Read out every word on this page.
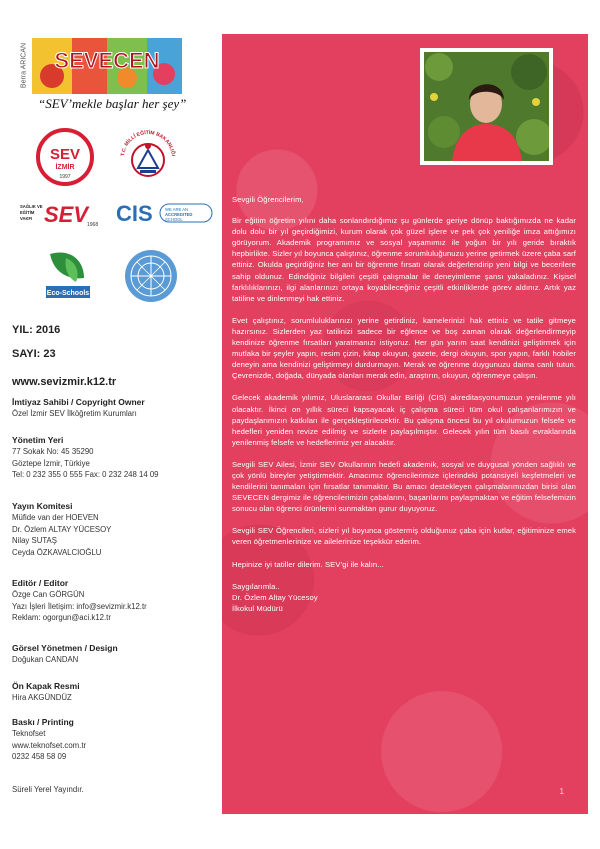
Berra ARICAN SEVECEN
“SEV’mekle başlar her şey”
SEV
İZMİR
1997
T.C. MİLLÎ EĞİTİM BAKANLIĞI
SAĞLIK VE
EĞİTİM
VAKFI SEV
1968 CIS	WE ARE AN
ACCREDITED
SCHOOL
Eco-Schools
YIL: 2016
SAYI: 23
www.sevizmir.k12.tr
İmtiyaz Sahibi / Copyright Owner
Özel İzmir SEV İlköğretim Kurumları
Yönetim Yeri
77 Sokak No: 45 35290
Göztepe İzmir, Türkiye
Tel: 0 232 355 0 555 Fax: 0 232 248 14 09
Yayın Komitesi
Müfide van der HOEVEN
Dr. Özlem ALTAY YÜCESOY
Nilay SUTAŞ
Ceyda ÖZKAVALCIOĞLU
Editör / Editor
Özge Can GÖRGÜN
Yazı İşleri İletişim: info@sevizmir.k12.tr
Reklam: ogorgun@aci.k12.tr
Görsel Yönetmen / Design
Doğukan CANDAN
Ön Kapak Resmi
Hira AKGÜNDÜZ
Baskı / Printing
Teknofset
www.teknofset.com.tr
0232 458 58 09
Süreli Yerel Yayındır.

Sevgili Öğrencilerim,

Bir eğitim öğretim yılını daha sonlandırdığımız şu günlerde geriye dönüp baktığımızda ne kadar dolu dolu bir yıl geçirdiğimizi, kurum olarak çok güzel işlere ve pek çok yeniliğe imza attığımızı görüyorum. Akademik programımız ve sosyal yaşamımız ile yoğun bir yılı geride bıraktık hepbirlikte. Sizler yıl boyunca çalıştınız, öğrenme sorumluluğunuzu yerine getirmek üzere çaba sarf ettiniz. Okulda geçirdiğiniz her anı bir öğrenme fırsatı olarak değerlendirip yeni bilgi ve becerilere sahip oldunuz. Edindiğiniz bilgileri çeşitli çalışmalar ile deneyimleme şansı yakaladınız. Kişisel farklılıklarınızı, ilgi alanlarınızı ortaya koyabileceğiniz çeşitli etkinliklerde görev aldınız. Artık yaz tatiline ve dinlenmeyi hak ettiniz.

Evet çalıştınız, sorumluluklarınızı yerine getirdiniz, karnelerinizi hak ettiniz ve tatile gitmeye hazırsınız. Sizlerden yaz tatilinizi sadece bir eğlence ve boş zaman olarak değerlendirmeyip kendinize öğrenme fırsatları yaratmanızı istiyoruz. Her gün yarım saat kendinizi geliştirmek için mutlaka bir şeyler yapın, resim çizin, kitap okuyun, gazete, dergi okuyun, spor yapın, farklı hobiler deneyin ama kendinizi geliştirmeyi durdurmayın. Merak ve öğrenme duygunuzu daima canlı tutun. Çevrenizde, doğada, dünyada olanları merak edin, araştırın, okuyun, öğrenmeye çalışın.

Gelecek akademik yılımız, Uluslararası Okullar Birliği (CIS) akreditasyonumuzun yenilenme yılı olacaktır. İkinci on yıllık süreci kapsayacak iç çalışma süreci tüm okul çalışanlarımızın ve paydaşlarımızın katkıları ile gerçekleştirilecektir. Bu çalışma öncesi bu yıl okulumuzun felsefe ve hedefleri yeniden revize edilmiş ve sizlerle paylaşılmıştır. Gelecek yılın tüm basılı evraklarında yenilenmiş felsefe ve hedeflerimiz yer alacaktır.

Sevgili SEV Ailesi, İzmir SEV Okullarının hedefi akademik, sosyal ve duygusal yönden sağlıklı ve çok yönlü bireyler yetiştirmektir. Amacımız öğrencilerimize içlerindeki potansiyeli keşfetmeleri ve kendilerini tanımaları için fırsatlar tanımaktır. Bu amacı destekleyen çalışmalarımızdan birisi olan SEVECEN dergimiz ile öğrencilerimizin çabalarını, başarılarını paylaşmaktan ve eğitim felsefemizin sonucu olan öğrenci ürünlerini sunmaktan gurur duyuyoruz.

Sevgili SEV Öğrencileri, sizleri yıl boyunca göstermiş olduğunuz çaba için kutlar, eğitiminize emek veren öğretmenlerinize ve ailelerinize teşekkür ederim.

Hepinize iyi tatiller dilerim. SEV’gi ile kalın...

Saygılarımla..

Dr. Özlem Altay Yücesoy

İlkokul Müdürü

1
